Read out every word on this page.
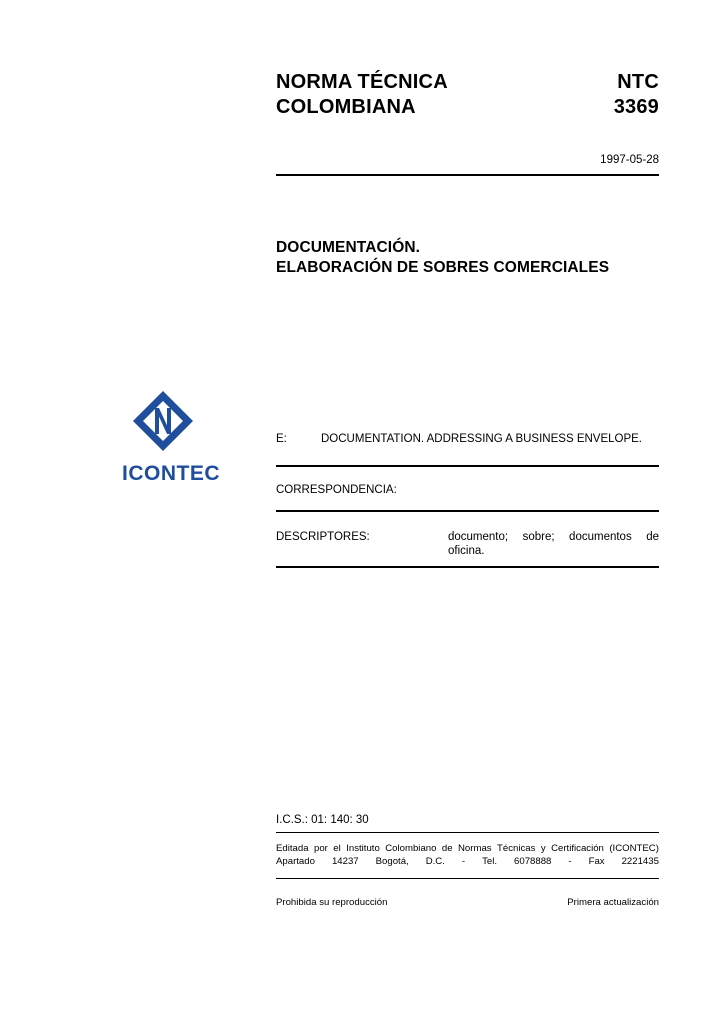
NORMA TÉCNICA
COLOMBIANA
NTC
3369
1997-05-28
DOCUMENTACIÓN.
ELABORACIÓN DE SOBRES COMERCIALES
ICONTEC
E:	DOCUMENTATION. ADDRESSING A BUSINESS ENVELOPE.
CORRESPONDENCIA:
DESCRIPTORES:	documento; sobre; documentos de
oficina.
I.C.S.: 01: 140: 30
Editada por el Instituto Colombiano de Normas Técnicas y Certificación (ICONTEC)
Apartado 14237 Bogotá, D.C. - Tel. 6078888 - Fax 2221435
Prohibida su reproducción	Primera actualización
